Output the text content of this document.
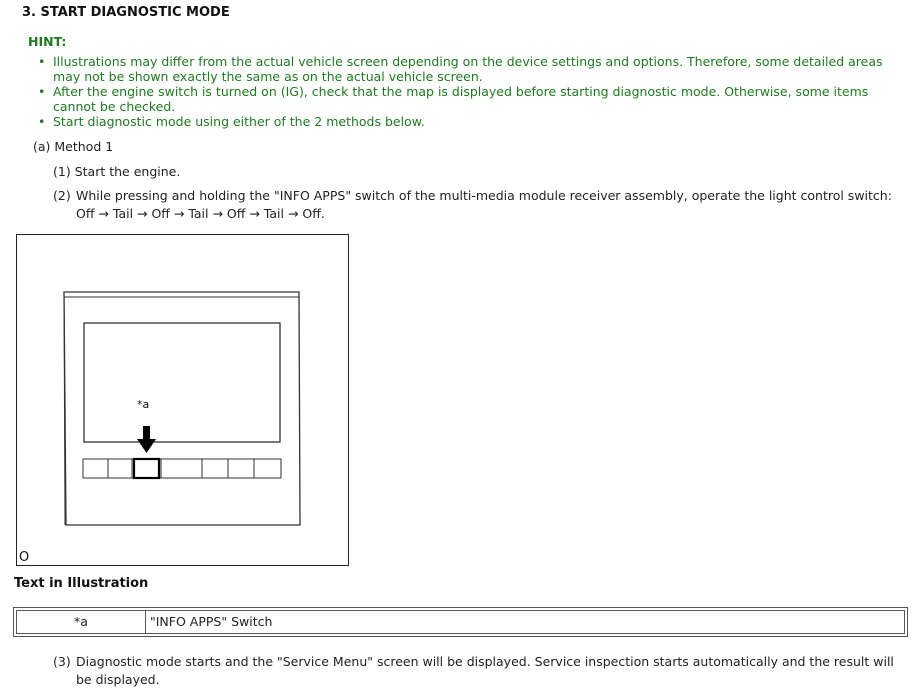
3. START DIAGNOSTIC MODE
HINT:
• Illustrations may differ from the actual vehicle screen depending on the device settings and options. Therefore, some detailed areas may not be shown exactly the same as on the actual vehicle screen.
• After the engine switch is turned on (IG), check that the map is displayed before starting diagnostic mode. Otherwise, some items cannot be checked.
• Start diagnostic mode using either of the 2 methods below.
(a) Method 1
(1) Start the engine.
(2) While pressing and holding the "INFO APPS" switch of the multi-media module receiver assembly, operate the light control switch: Off → Tail → Off → Tail → Off → Tail → Off.
*a
O
Text in Illustration
*a	"INFO APPS" Switch
(3) Diagnostic mode starts and the "Service Menu" screen will be displayed. Service inspection starts automatically and the result will be displayed.
